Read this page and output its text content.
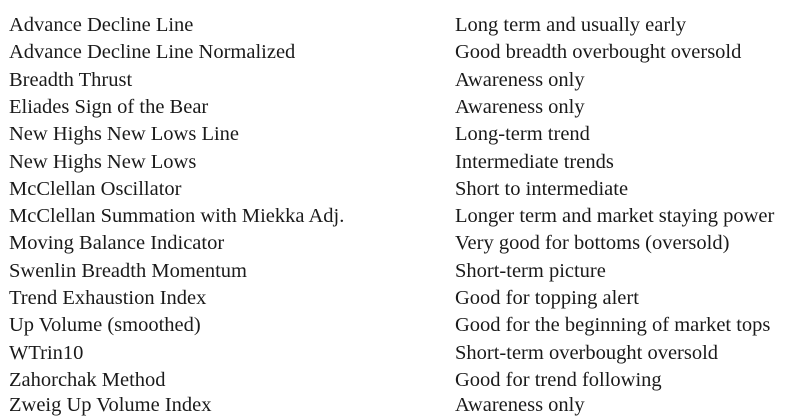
Advance Decline Line	Long term and usually early
Advance Decline Line Normalized	Good breadth overbought oversold
Breadth Thrust	Awareness only
Eliades Sign of the Bear	Awareness only
New Highs New Lows Line	Long-term trend
New Highs New Lows	Intermediate trends
McClellan Oscillator	Short to intermediate
McClellan Summation with Miekka Adj.	Longer term and market staying power
Moving Balance Indicator	Very good for bottoms (oversold)
Swenlin Breadth Momentum	Short-term picture
Trend Exhaustion Index	Good for topping alert
Up Volume (smoothed)	Good for the beginning of market tops
WTrin10	Short-term overbought oversold
Zahorchak Method	Good for trend following
Zweig Up Volume Index	Awareness only
